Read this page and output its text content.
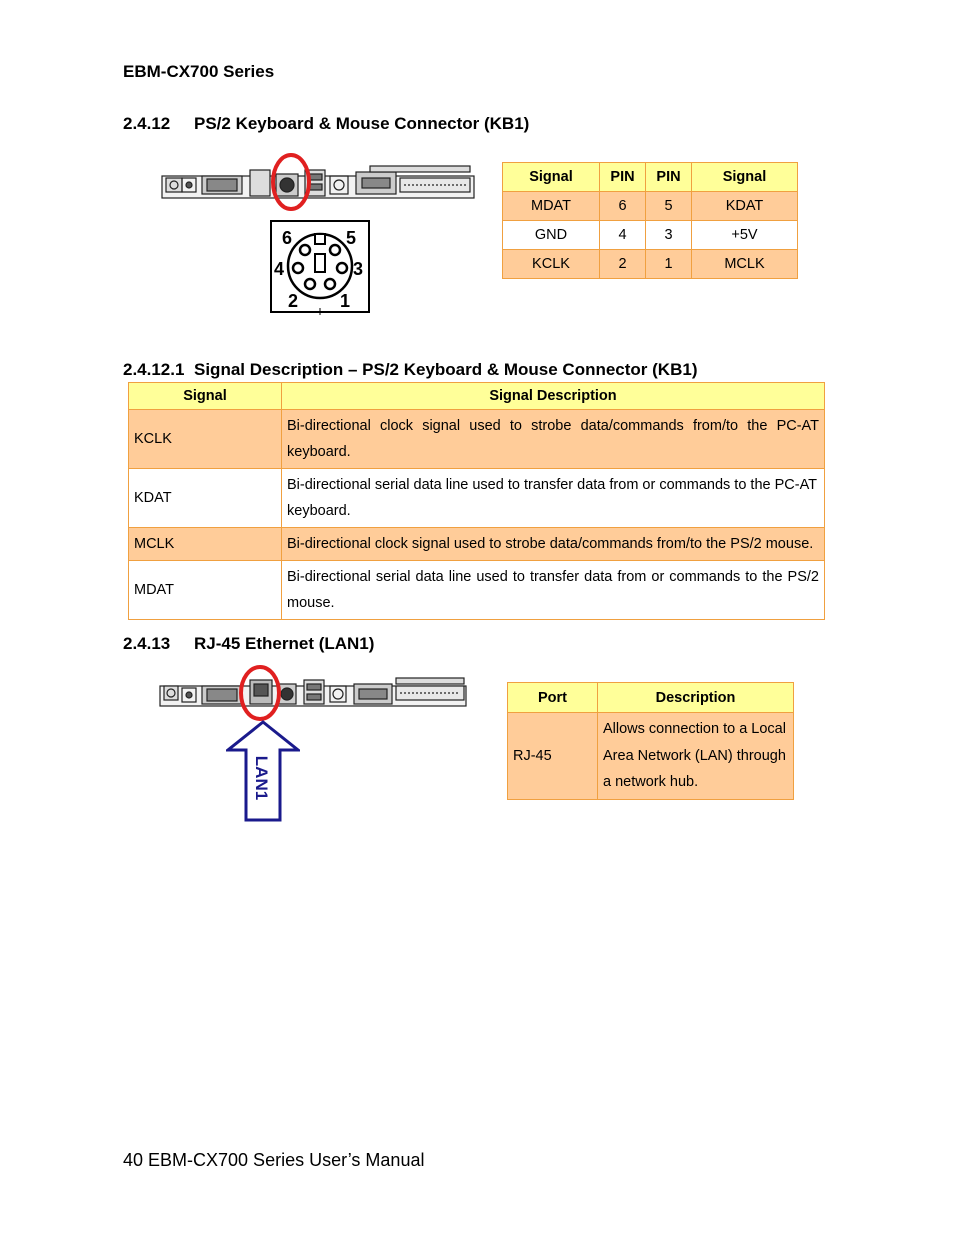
EBM-CX700 Series
2.4.12 PS/2 Keyboard & Mouse Connector (KB1)
6	5
4	3
2 1
Signal	PIN	PIN	Signal
MDAT	6	5	KDAT
GND	4	3	+5V
KCLK	2	1	MCLK
2.4.12.1 Signal Description – PS/2 Keyboard & Mouse Connector (KB1)
Signal	Signal Description
KCLK	Bi-directional clock signal used to strobe data/commands from/to the PC-AT keyboard.
KDAT	Bi-directional serial data line used to transfer data from or commands to the PC-AT keyboard.
MCLK	Bi-directional clock signal used to strobe data/commands from/to the PS/2 mouse.
MDAT	Bi-directional serial data line used to transfer data from or commands to the PS/2 mouse.
2.4.13 RJ-45 Ethernet (LAN1)
LAN1
Port	Description
RJ-45	Allows connection to a Local Area Network (LAN) through a network hub.
40 EBM-CX700 Series User’s Manual
